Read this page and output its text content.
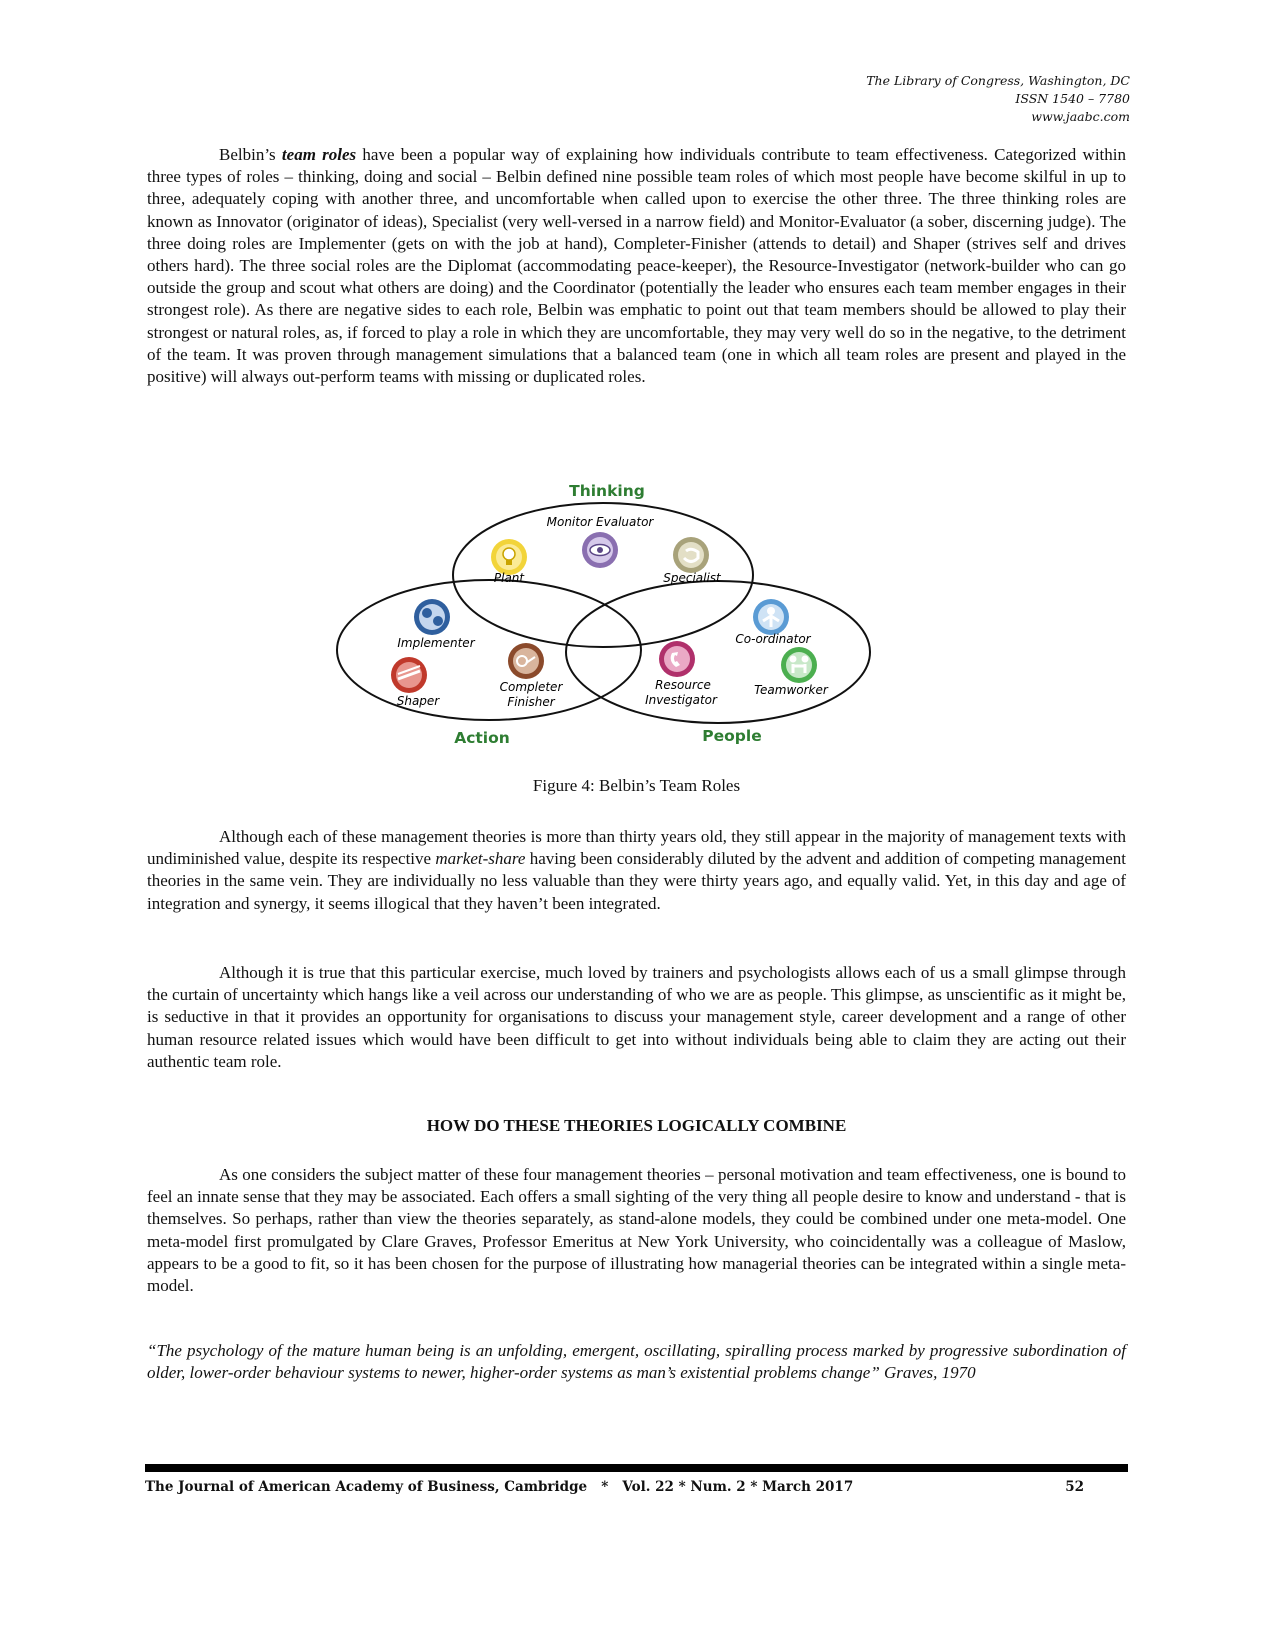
The Library of Congress, Washington, DC
ISSN 1540 – 7780
www.jaabc.com

Belbin’s team roles have been a popular way of explaining how individuals contribute to team effectiveness. Categorized within three types of roles – thinking, doing and social – Belbin defined nine possible team roles of which most people have become skilful in up to three, adequately coping with another three, and uncomfortable when called upon to exercise the other three. The three thinking roles are known as Innovator (originator of ideas), Specialist (very well-versed in a narrow field) and Monitor-Evaluator (a sober, discerning judge). The three doing roles are Implementer (gets on with the job at hand), Completer-Finisher (attends to detail) and Shaper (strives self and drives others hard). The three social roles are the Diplomat (accommodating peace-keeper), the Resource-Investigator (network-builder who can go outside the group and scout what others are doing) and the Coordinator (potentially the leader who ensures each team member engages in their strongest role). As there are negative sides to each role, Belbin was emphatic to point out that team members should be allowed to play their strongest or natural roles, as, if forced to play a role in which they are uncomfortable, they may very well do so in the negative, to the detriment of the team. It was proven through management simulations that a balanced team (one in which all team roles are present and played in the positive) will always out-perform teams with missing or duplicated roles.

Thinking
Action	People
Monitor Evaluator
Plant	Specialist
Implementer
Shaper
Completer
Finisher
Co-ordinator
Resource
Investigator
Teamworker
Figure 4: Belbin’s Team Roles

Although each of these management theories is more than thirty years old, they still appear in the majority of management texts with undiminished value, despite its respective market-share having been considerably diluted by the advent and addition of competing management theories in the same vein. They are individually no less valuable than they were thirty years ago, and equally valid. Yet, in this day and age of integration and synergy, it seems illogical that they haven’t been integrated.

Although it is true that this particular exercise, much loved by trainers and psychologists allows each of us a small glimpse through the curtain of uncertainty which hangs like a veil across our understanding of who we are as people. This glimpse, as unscientific as it might be, is seductive in that it provides an opportunity for organisations to discuss your management style, career development and a range of other human resource related issues which would have been difficult to get into without individuals being able to claim they are acting out their authentic team role.

HOW DO THESE THEORIES LOGICALLY COMBINE

As one considers the subject matter of these four management theories – personal motivation and team effectiveness, one is bound to feel an innate sense that they may be associated. Each offers a small sighting of the very thing all people desire to know and understand - that is themselves. So perhaps, rather than view the theories separately, as stand-alone models, they could be combined under one meta-model. One meta-model first promulgated by Clare Graves, Professor Emeritus at New York University, who coincidentally was a colleague of Maslow, appears to be a good to fit, so it has been chosen for the purpose of illustrating how managerial theories can be integrated within a single meta-model.

“The psychology of the mature human being is an unfolding, emergent, oscillating, spiralling process marked by progressive subordination of older, lower-order behaviour systems to newer, higher-order systems as man’s existential problems change” Graves, 1970

The Journal of American Academy of Business, Cambridge   *   Vol. 22 * Num. 2 * March 2017	52
